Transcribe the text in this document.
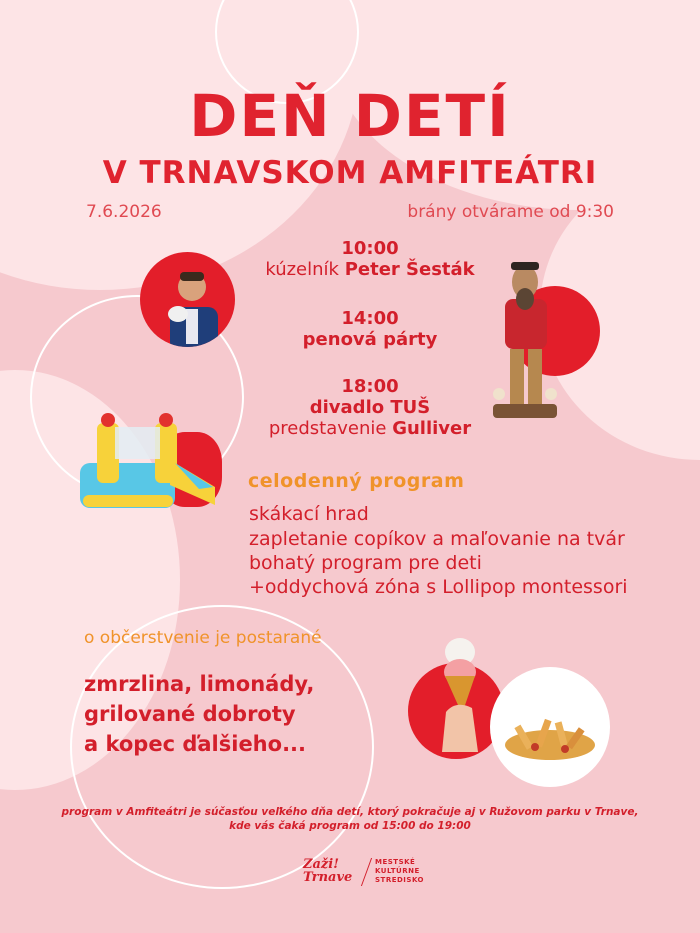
DEŇ DETÍ
V TRNAVSKOM AMFITEÁTRI
7.6.2026	brány otvárame od 9:30
10:00
kúzelník Peter Šesták
14:00
penová párty
18:00
divadlo TUŠ
predstavenie Gulliver
celodenný program
skákací hrad
zapletanie copíkov a maľovanie na tvár
bohatý program pre deti
+oddychová zóna s Lollipop montessori
o občerstvenie je postarané
zmrzlina, limonády,
grilované dobroty
a kopec ďalšieho...
program v Amfiteátri je súčasťou veľkého dňa detí, ktorý pokračuje aj v Ružovom parku v Trnave,
kde vás čaká program od 15:00 do 19:00
Zaži!
Trnave
MESTSKÉ
KULTÚRNE
STREDISKO
